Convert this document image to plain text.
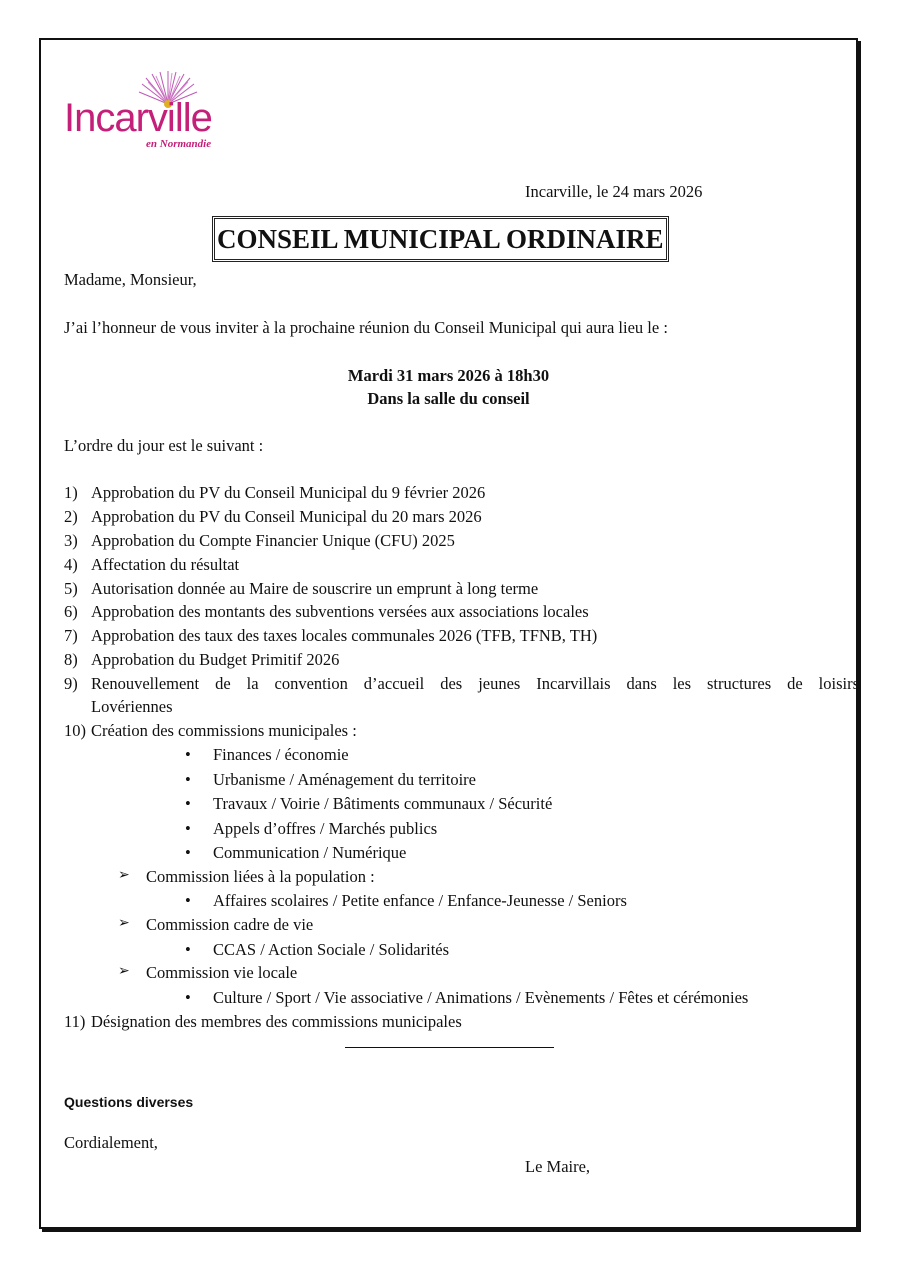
Incarville
en Normandie
Incarville, le 24 mars 2026
CONSEIL MUNICIPAL ORDINAIRE
Madame, Monsieur,
J’ai l’honneur de vous inviter à la prochaine réunion du Conseil Municipal qui aura lieu le :
Mardi 31 mars 2026 à 18h30
Dans la salle du conseil
L’ordre du jour est le suivant :
1) Approbation du PV du Conseil Municipal du 9 février 2026
2) Approbation du PV du Conseil Municipal du 20 mars 2026
3) Approbation du Compte Financier Unique (CFU) 2025
4) Affectation du résultat
5) Autorisation donnée au Maire de souscrire un emprunt à long terme
6) Approbation des montants des subventions versées aux associations locales
7) Approbation des taux des taxes locales communales 2026 (TFB, TFNB, TH)
8) Approbation du Budget Primitif 2026
9) Renouvellement de la convention d’accueil des jeunes Incarvillais dans les structures de loisirs
Lovériennes
10) Création des commissions municipales :
Finances / économie
Urbanisme / Aménagement du territoire
Travaux / Voirie / Bâtiments communaux / Sécurité
Appels d’offres / Marchés publics
Communication / Numérique
➢ Commission liées à la population :
Affaires scolaires / Petite enfance / Enfance-Jeunesse / Seniors
➢ Commission cadre de vie
CCAS / Action Sociale / Solidarités
➢ Commission vie locale
Culture / Sport / Vie associative / Animations / Evènements / Fêtes et cérémonies
11) Désignation des membres des commissions municipales
Questions diverses
Cordialement,
Le Maire,
